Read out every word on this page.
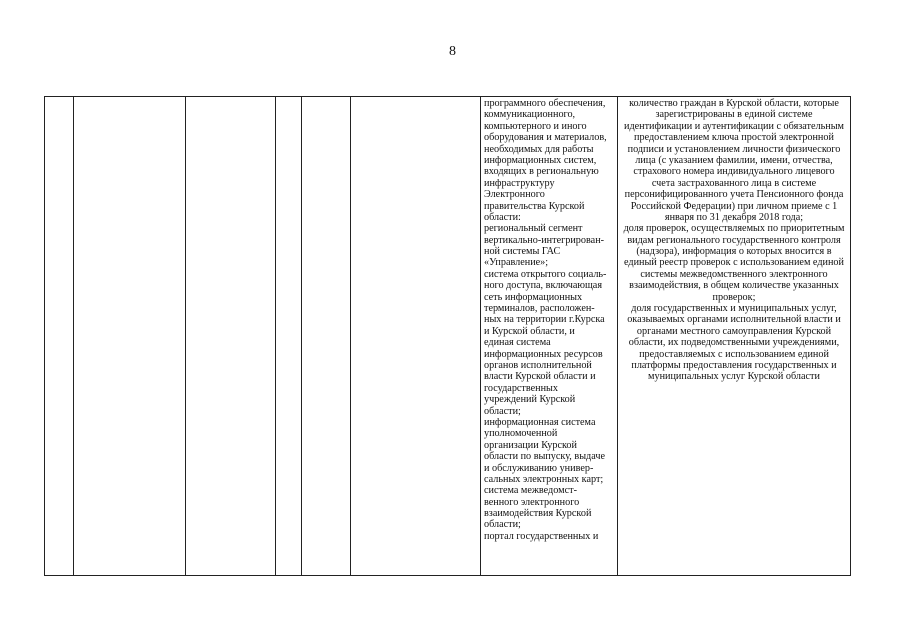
8
программного обеспечения,
коммуникационного,
компьютерного и иного
оборудования и материалов,
необходимых для работы
информационных систем,
входящих в региональную
инфраструктуру
Электронного
правительства Курской
области:
региональный сегмент
вертикально-интегрирован-
ной системы ГАС
«Управление»;
система открытого социаль-
ного доступа, включающая
сеть информационных
терминалов, расположен-
ных на территории г.Курска
и Курской области, и
единая система
информационных ресурсов
органов исполнительной
власти Курской области и
государственных
учреждений Курской
области;
информационная система
уполномоченной
организации Курской
области по выпуску, выдаче
и обслуживанию универ-
сальных электронных карт;
система межведомст-
венного электронного
взаимодействия Курской
области;
портал государственных и
количество граждан в Курской области, которые
зарегистрированы в единой системе
идентификации и аутентификации с обязательным
предоставлением ключа простой электронной
подписи и установлением личности физического
лица (с указанием фамилии, имени, отчества,
страхового номера индивидуального лицевого
счета застрахованного лица в системе
персонифицированного учета Пенсионного фонда
Российской Федерации) при личном приеме с 1
января по 31 декабря 2018 года;
доля проверок, осуществляемых по приоритетным
видам регионального государственного контроля
(надзора), информация о которых вносится в
единый реестр проверок с использованием единой
системы межведомственного электронного
взаимодействия, в общем количестве указанных
проверок;
доля государственных и муниципальных услуг,
оказываемых органами исполнительной власти и
органами местного самоуправления Курской
области, их подведомственными учреждениями,
предоставляемых с использованием единой
платформы предоставления государственных и
муниципальных услуг Курской области
